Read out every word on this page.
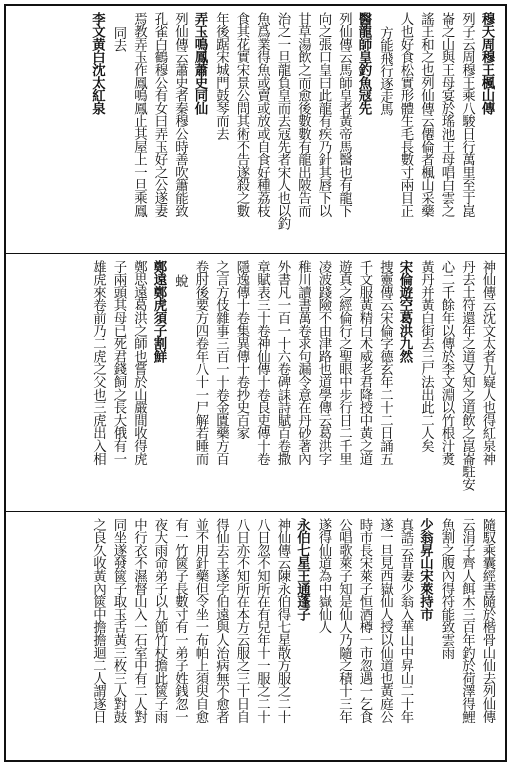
穆天周穆王楓山傳
列子云周穆王乘八駿日行萬里至于崑
崙之山與王母宴於瑤池王母唱白雲之
謠王和之也列仙傳云僊倫者楓山采藥
人也好食松實形體生毛長數寸兩目正
方能飛行逐走馬
醫龍師皇釣魚冦先
列仙傳云馬師皇者黃帝馬醫也有龍下
向之張口皇曰此龍有疾乃針其唇下以
甘草湯飲之而愈後數數有龍出陂告而
治之一旦龍負皇而去冦先者宋人也以釣
魚爲業得魚或賣或放或自食好種荔枝
食其花實宋景公問其術不告遂殺之數
年後踞宋城門鼓琴而去
弄玉鳴鳳蕭史同仙
列仙傳云蕭史者秦穆公時善吹簫能致
孔雀白鶴穆公有女曰弄玉好之公遂妻
焉教弄玉作鳳鳴鳳止其屋上一旦乘鳳
同去
李文黄白沈太紅泉
神仙傳云沈文太者九嶷人也得紅泉神
丹去土符還年之道又知之道飲之崑崙駐安
心二千餘年以傳於李文淵以竹根汁煑
黃丹并黃白街去三尸法出此二人矣
宋倫遊空葛洪九然
捜靈傳云宋倫字德玄年二十二日誦五
千文服黃精白术威老君降授中黃之道
遊真之經倫行之聖眼中步行日二千里
凌波踐險不由津路也道學傳云葛洪字
稚川讀書萬卷求句漏令意在丹砂著內
外書凡一百一十六卷碑誄詩賦百卷撒
章賦表三十卷神仙傳十卷良吏傳十卷
隱逸傳十卷集異傳十卷抄史百家
之言方伎雜事三百一十卷金匱藥方百
卷肘後要方四卷年八十一尸解若睡而
蛻
鄭遠鄭虎須子割鮮
鄭思遠葛洪之師也嘗於山嚴間收得虎
子兩頭其母已死君錢飼之長大俄有一
雄虎來卷前乃二虎之父也三虎出入相
隨馭乘囊經書隨於楷骨山仙去列仙傳
云涓子齊人餌木三百年釣於荷澤得鯉
魚割之腹內得符能致雲雨
少翁昇山宋萊持市
真誥云昔妻少翁入華山中昇山二十年
遂一旦見西嶽仙人授以仙道也黃庭公
時市長宋萊子恒酒樽一市忽遇一乞食
公唱歌萊子知是仙人乃隨之積十三年
遂得仙道為中嶽仙人
永伯七星王通蓬子
神仙傳云陳永伯得七星散方服之二十
八日忽不知所在有兒年十一服之二十
八日亦不知所在本方云服之三十日自
得仙去王遂字伯遠與人治病無不愈者
並不用針藥但令坐一布帕上須臾自愈
有一竹篋子長數寸有一弟子姓銭忽一
夜大雨命弟子以九節竹杖擔此篋子雨
中行衣不濕督山入一石室中有二人對
同坐遂發篋子取玉舌黃三枚三人對鼓
之良久收黃內篋中擔擔迴二人謂遂日
